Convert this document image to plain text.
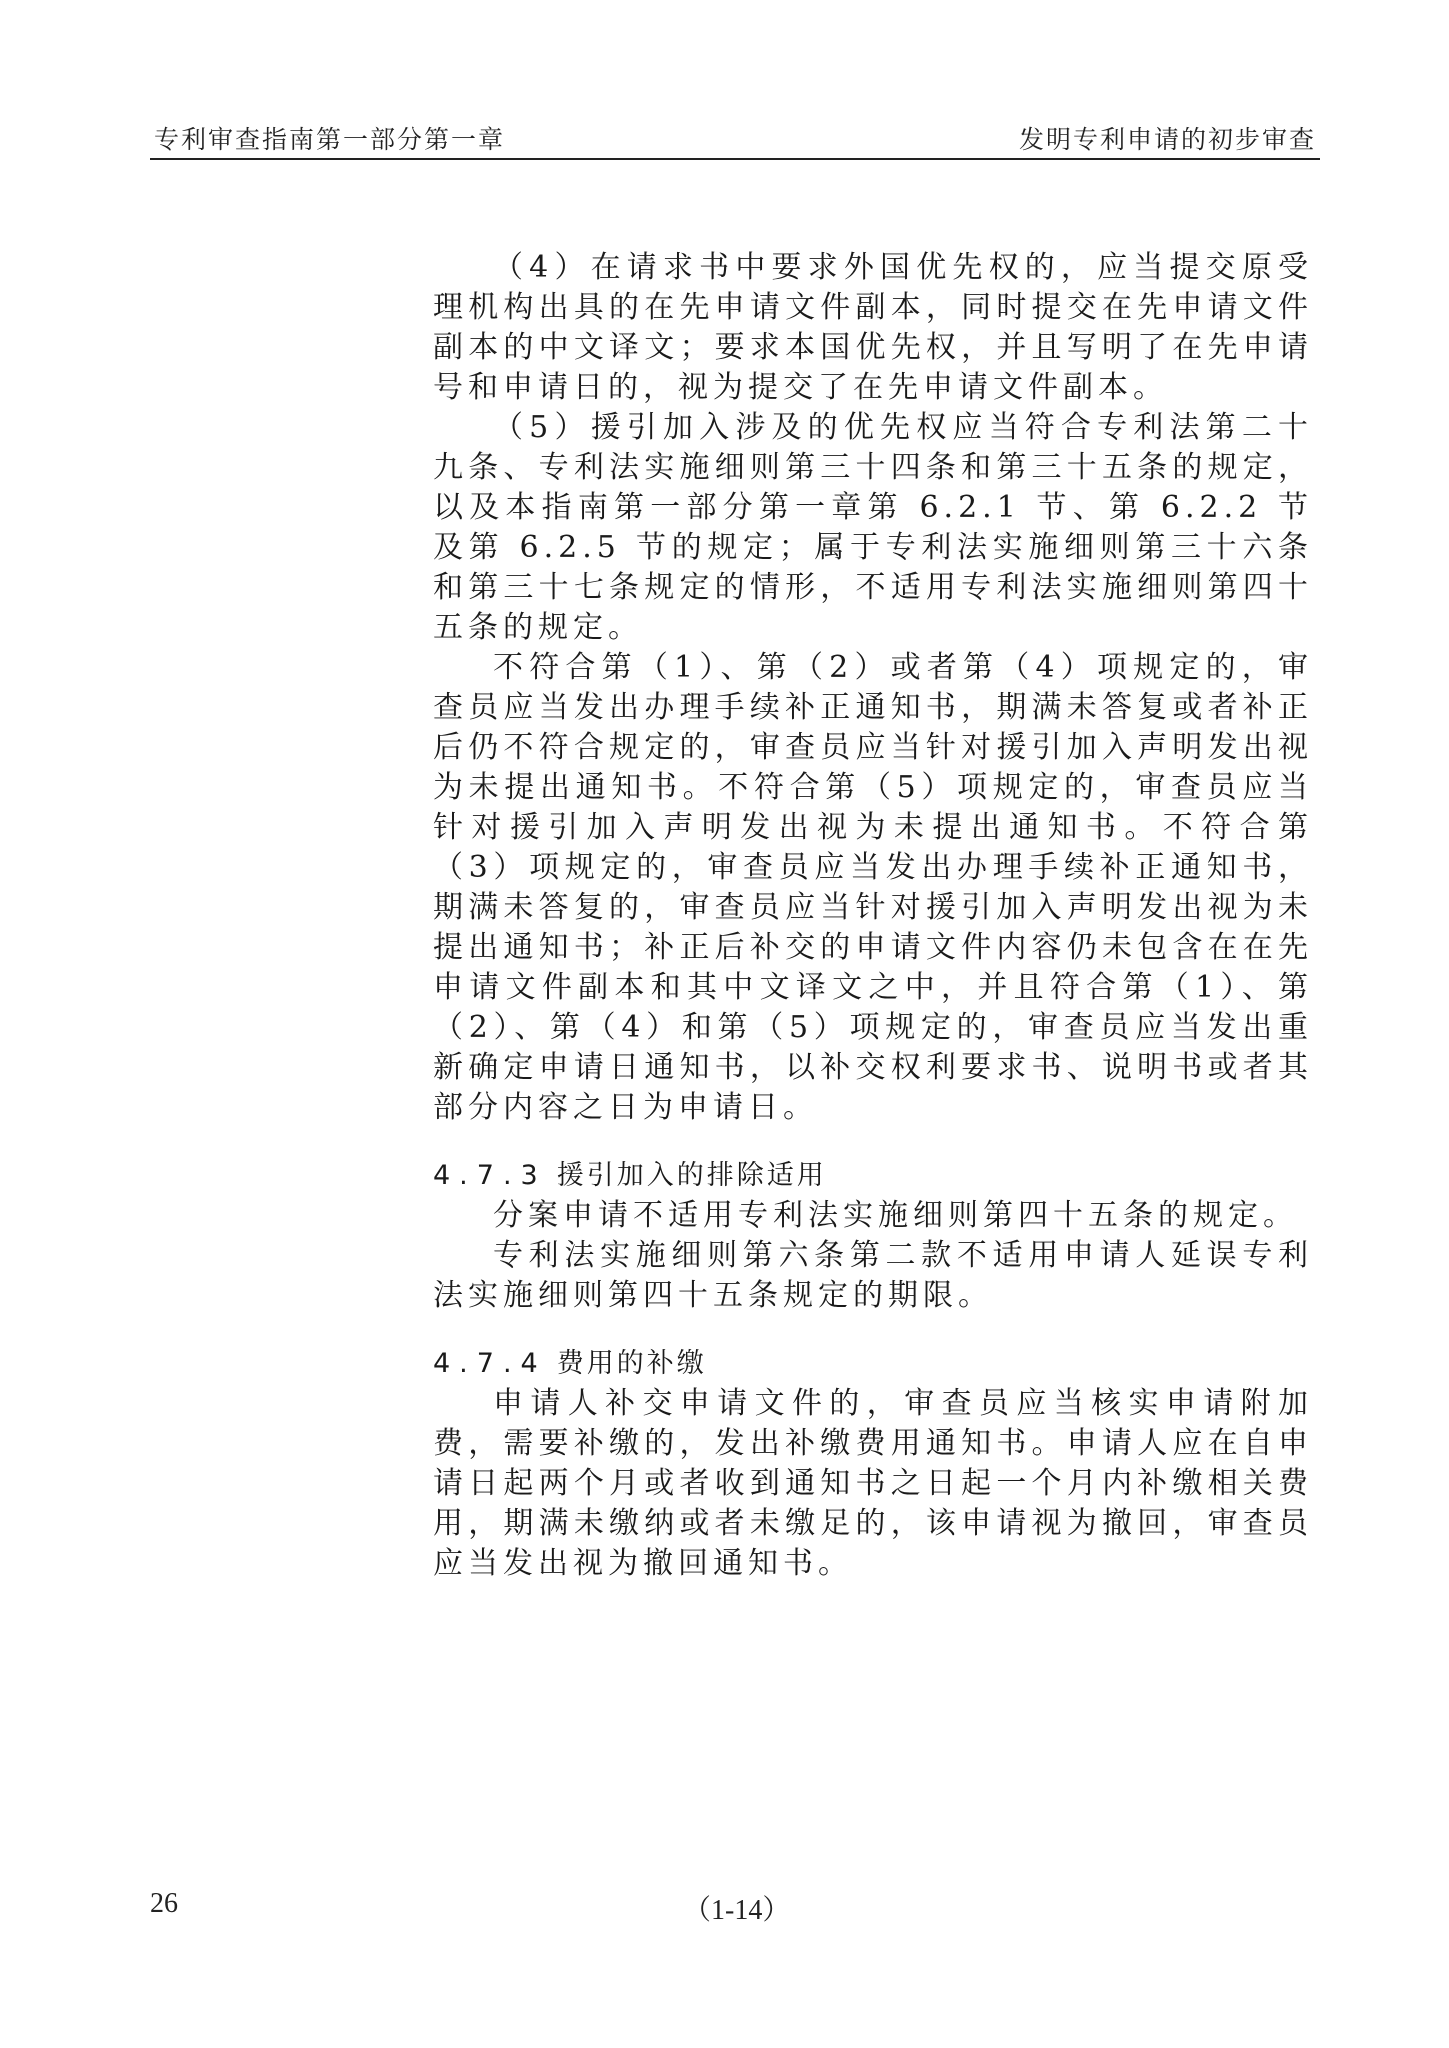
专利审查指南第一部分第一章	发明专利申请的初步审查

（4）在请求书中要求外国优先权的，应当提交原受理机构出具的在先申请文件副本，同时提交在先申请文件副本的中文译文；要求本国优先权，并且写明了在先申请号和申请日的，视为提交了在先申请文件副本。

（5）援引加入涉及的优先权应当符合专利法第二十九条、专利法实施细则第三十四条和第三十五条的规定，以及本指南第一部分第一章第 6.2.1 节、第 6.2.2 节及第 6.2.5 节的规定；属于专利法实施细则第三十六条和第三十七条规定的情形，不适用专利法实施细则第四十五条的规定。

不符合第（1）、第（2）或者第（4）项规定的，审查员应当发出办理手续补正通知书，期满未答复或者补正后仍不符合规定的，审查员应当针对援引加入声明发出视为未提出通知书。不符合第（5）项规定的，审查员应当针对援引加入声明发出视为未提出通知书。不符合第（3）项规定的，审查员应当发出办理手续补正通知书，期满未答复的，审查员应当针对援引加入声明发出视为未提出通知书；补正后补交的申请文件内容仍未包含在在先申请文件副本和其中文译文之中，并且符合第（1）、第（2）、第（4）和第（5）项规定的，审查员应当发出重新确定申请日通知书，以补交权利要求书、说明书或者其部分内容之日为申请日。

4.7.3 援引加入的排除适用

分案申请不适用专利法实施细则第四十五条的规定。

专利法实施细则第六条第二款不适用申请人延误专利法实施细则第四十五条规定的期限。

4.7.4 费用的补缴

申请人补交申请文件的，审查员应当核实申请附加费，需要补缴的，发出补缴费用通知书。申请人应在自申请日起两个月或者收到通知书之日起一个月内补缴相关费用，期满未缴纳或者未缴足的，该申请视为撤回，审查员应当发出视为撤回通知书。

26	（1-14）
